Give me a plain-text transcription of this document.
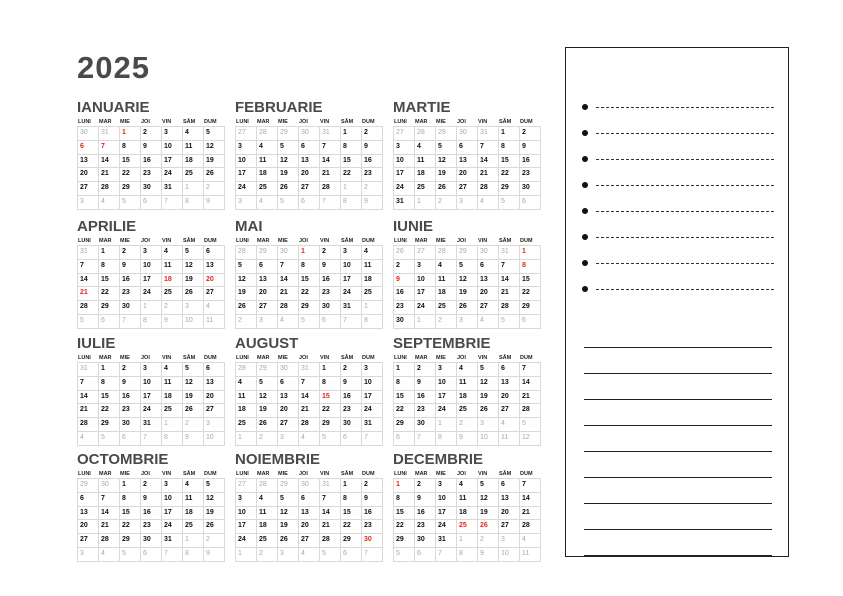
2025
IANUARIE
LUNI	MAR	MIE	JOI	VIN	SÂM	DUM
30	31	1	2	3	4	5
6	7	8	9	10	11	12
13	14	15	16	17	18	19
20	21	22	23	24	25	26
27	28	29	30	31	1	2
3	4	5	6	7	8	9
FEBRUARIE
LUNI	MAR	MIE	JOI	VIN	SÂM	DUM
27	28	29	30	31	1	2
3	4	5	6	7	8	9
10	11	12	13	14	15	16
17	18	19	20	21	22	23
24	25	26	27	28	1	2
3	4	5	6	7	8	9
MARTIE
LUNI	MAR	MIE	JOI	VIN	SÂM	DUM
27	28	29	30	31	1	2
3	4	5	6	7	8	9
10	11	12	13	14	15	16
17	18	19	20	21	22	23
24	25	26	27	28	29	30
31	1	2	3	4	5	6
APRILIE
LUNI	MAR	MIE	JOI	VIN	SÂM	DUM
31	1	2	3	4	5	6
7	8	9	10	11	12	13
14	15	16	17	18	19	20
21	22	23	24	25	26	27
28	29	30	1	2	3	4
5	6	7	8	9	10	11
MAI
LUNI	MAR	MIE	JOI	VIN	SÂM	DUM
28	29	30	1	2	3	4
5	6	7	8	9	10	11
12	13	14	15	16	17	18
19	20	21	22	23	24	25
26	27	28	29	30	31	1
2	3	4	5	6	7	8
IUNIE
LUNI	MAR	MIE	JOI	VIN	SÂM	DUM
26	27	28	29	30	31	1
2	3	4	5	6	7	8
9	10	11	12	13	14	15
16	17	18	19	20	21	22
23	24	25	26	27	28	29
30	1	2	3	4	5	6
IULIE
LUNI	MAR	MIE	JOI	VIN	SÂM	DUM
31	1	2	3	4	5	6
7	8	9	10	11	12	13
14	15	16	17	18	19	20
21	22	23	24	25	26	27
28	29	30	31	1	2	3
4	5	6	7	8	9	10
AUGUST
LUNI	MAR	MIE	JOI	VIN	SÂM	DUM
28	29	30	31	1	2	3
4	5	6	7	8	9	10
11	12	13	14	15	16	17
18	19	20	21	22	23	24
25	26	27	28	29	30	31
1	2	3	4	5	6	7
SEPTEMBRIE
LUNI	MAR	MIE	JOI	VIN	SÂM	DUM
1	2	3	4	5	6	7
8	9	10	11	12	13	14
15	16	17	18	19	20	21
22	23	24	25	26	27	28
29	30	1	2	3	4	5
6	7	8	9	10	11	12
OCTOMBRIE
LUNI	MAR	MIE	JOI	VIN	SÂM	DUM
29	30	1	2	3	4	5
6	7	8	9	10	11	12
13	14	15	16	17	18	19
20	21	22	23	24	25	26
27	28	29	30	31	1	2
3	4	5	6	7	8	9
NOIEMBRIE
LUNI	MAR	MIE	JOI	VIN	SÂM	DUM
27	28	29	30	31	1	2
3	4	5	6	7	8	9
10	11	12	13	14	15	16
17	18	19	20	21	22	23
24	25	26	27	28	29	30
1	2	3	4	5	6	7
DECEMBRIE
LUNI	MAR	MIE	JOI	VIN	SÂM	DUM
1	2	3	4	5	6	7
8	9	10	11	12	13	14
15	16	17	18	19	20	21
22	23	24	25	26	27	28
29	30	31	1	2	3	4
5	6	7	8	9	10	11
